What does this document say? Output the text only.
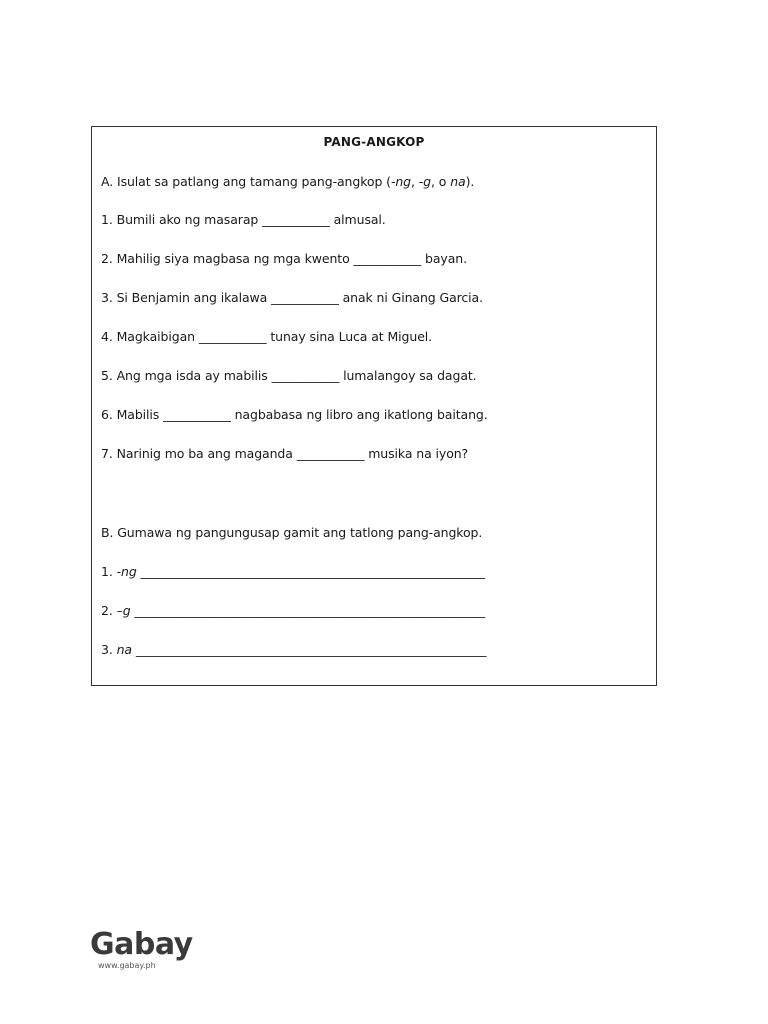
PANG-ANGKOP
A. Isulat sa patlang ang tamang pang-angkop (-ng, -g, o na).
1. Bumili ako ng masarap ___________ almusal.
2. Mahilig siya magbasa ng mga kwento ___________ bayan.
3. Si Benjamin ang ikalawa ___________ anak ni Ginang Garcia.
4. Magkaibigan ___________ tunay sina Luca at Miguel.
5. Ang mga isda ay mabilis ___________ lumalangoy sa dagat.
6. Mabilis ___________ nagbabasa ng libro ang ikatlong baitang.
7. Narinig mo ba ang maganda ___________ musika na iyon?
B. Gumawa ng pangungusap gamit ang tatlong pang-angkop.
1. -ng ________________________________________________________
2. –g _________________________________________________________
3. na _________________________________________________________
Gabay
www.gabay.ph
